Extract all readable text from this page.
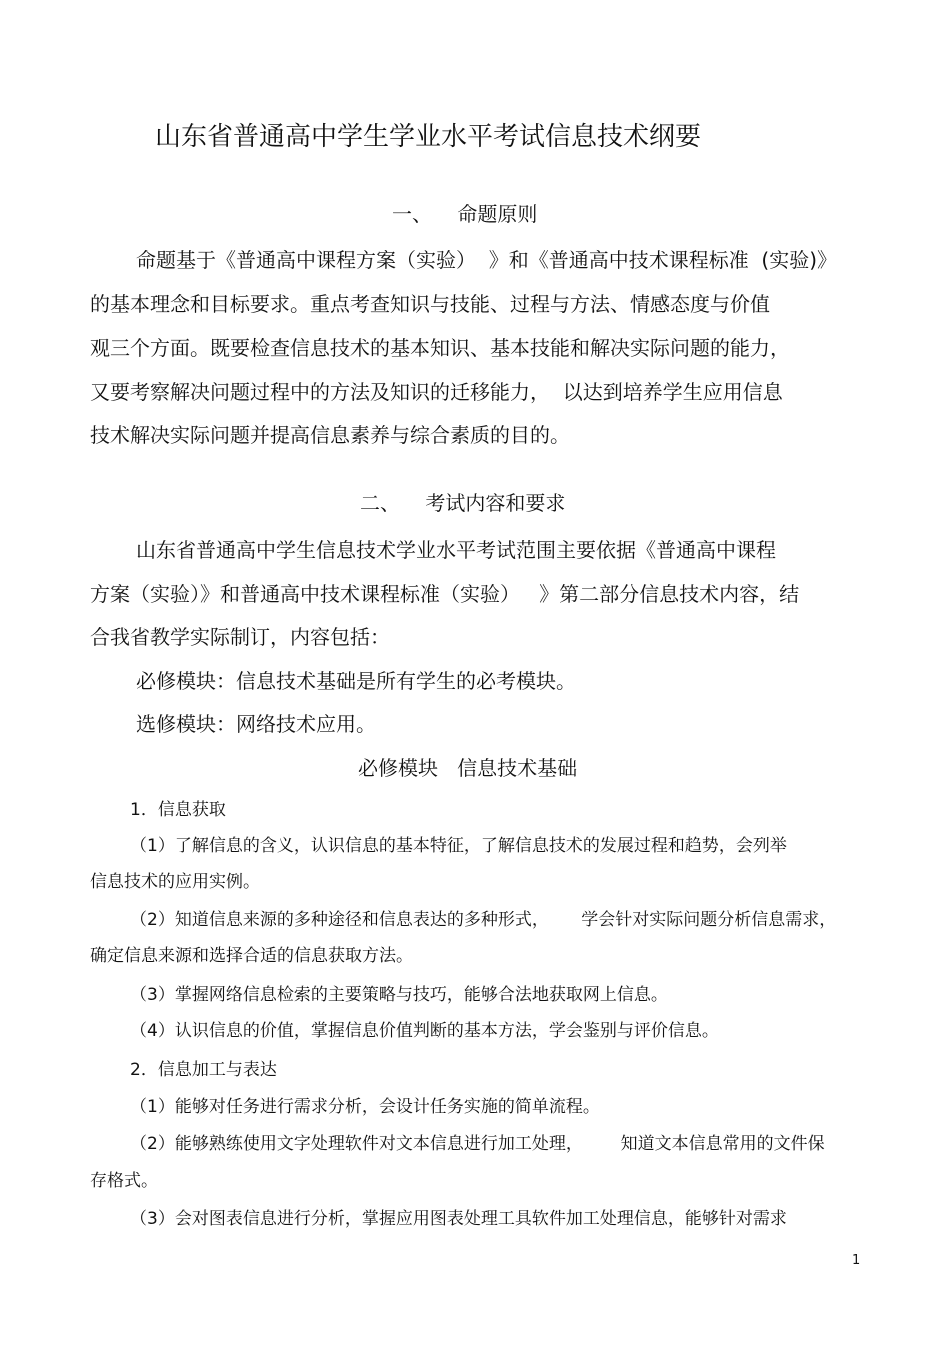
山东省普通高中学生学业水平考试信息技术纲要
一、    命题原则
命题基于《普通高中课程方案（实验）  》和《普通高中技术课程标准  (实验)》
的基本理念和目标要求。重点考查知识与技能、过程与方法、情感态度与价值
观三个方面。既要检查信息技术的基本知识、基本技能和解决实际问题的能力，
又要考察解决问题过程中的方法及知识的迁移能力，  以达到培养学生应用信息
技术解决实际问题并提高信息素养与综合素质的目的。
二、    考试内容和要求
山东省普通高中学生信息技术学业水平考试范围主要依据《普通高中课程
方案（实验）》和普通高中技术课程标准（实验）   》第二部分信息技术内容，结
合我省教学实际制订，内容包括：
必修模块：信息技术基础是所有学生的必考模块。
选修模块：网络技术应用。
必修模块   信息技术基础
1．信息获取
（1）了解信息的含义，认识信息的基本特征，了解信息技术的发展过程和趋势，会列举
信息技术的应用实例。
（2）知道信息来源的多种途径和信息表达的多种形式，      学会针对实际问题分析信息需求，
确定信息来源和选择合适的信息获取方法。
（3）掌握网络信息检索的主要策略与技巧，能够合法地获取网上信息。
（4）认识信息的价值，掌握信息价值判断的基本方法，学会鉴别与评价信息。
2．信息加工与表达
（1）能够对任务进行需求分析，会设计任务实施的简单流程。
（2）能够熟练使用文字处理软件对文本信息进行加工处理，       知道文本信息常用的文件保
存格式。
（3）会对图表信息进行分析，掌握应用图表处理工具软件加工处理信息，能够针对需求
1
